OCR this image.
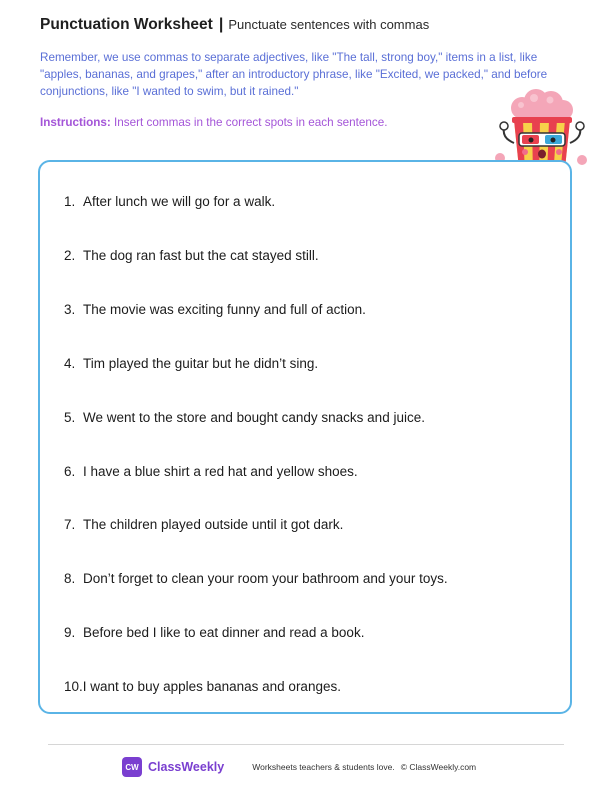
Punctuation Worksheet | Punctuate sentences with commas
Remember, we use commas to separate adjectives, like "The tall, strong boy," items in a list, like "apples, bananas, and grapes," after an introductory phrase, like "Excited, we packed," and before conjunctions, like "I wanted to swim, but it rained."
Instructions: Insert commas in the correct spots in each sentence.
1. After lunch we will go for a walk.
2. The dog ran fast but the cat stayed still.
3. The movie was exciting funny and full of action.
4. Tim played the guitar but he didn’t sing.
5. We went to the store and bought candy snacks and juice.
6. I have a blue shirt a red hat and yellow shoes.
7. The children played outside until it got dark.
8. Don’t forget to clean your room your bathroom and your toys.
9. Before bed I like to eat dinner and read a book.
10.I want to buy apples bananas and oranges.
CW ClassWeekly	Worksheets teachers & students love. © ClassWeekly.com
